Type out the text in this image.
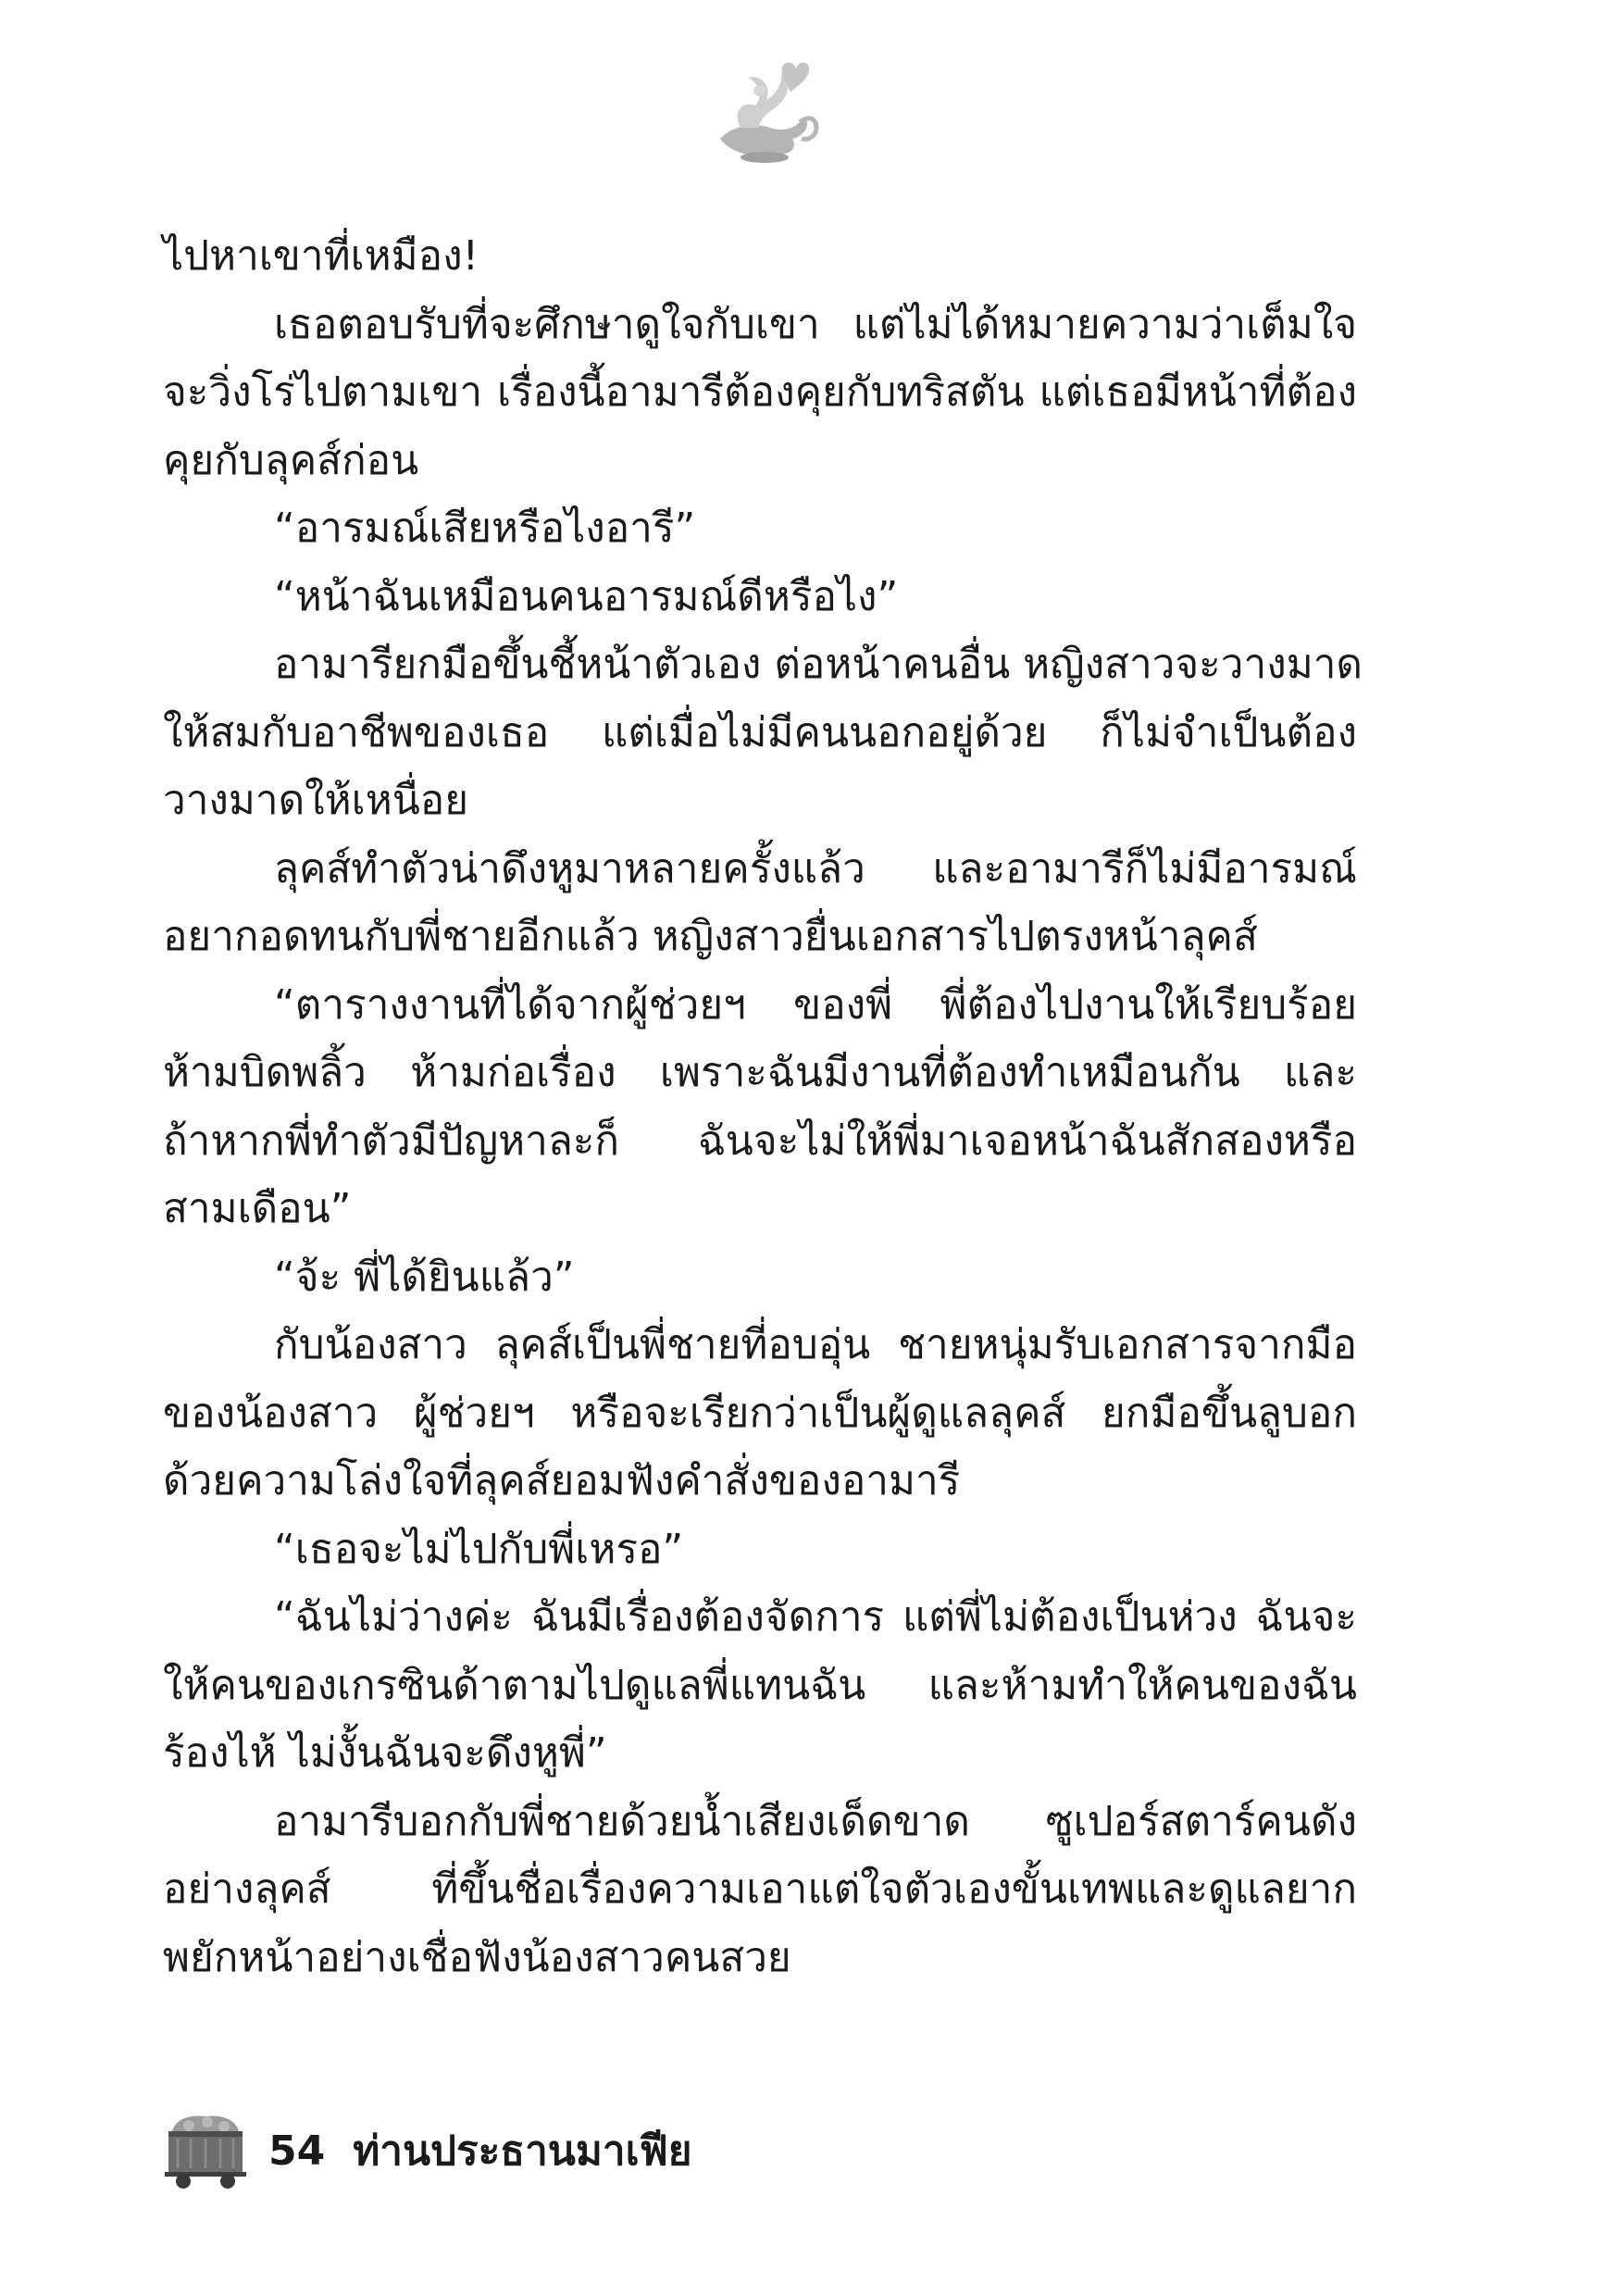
ไปหาเขาที่เหมือง!
เธอตอบรับที่จะศึกษาดูใจกับเขา แต่ไม่ได้หมายความว่าเต็มใจ
จะวิ่งโร่ไปตามเขา เรื่องนี้อามารีต้องคุยกับทริสตัน แต่เธอมีหน้าที่ต้อง
คุยกับลุคส์ก่อน
“อารมณ์เสียหรือไงอารี”
“หน้าฉันเหมือนคนอารมณ์ดีหรือไง”
อามารียกมือขึ้นชี้หน้าตัวเอง ต่อหน้าคนอื่น หญิงสาวจะวางมาด
ให้สมกับอาชีพของเธอ แต่เมื่อไม่มีคนนอกอยู่ด้วย ก็ไม่จำเป็นต้อง
วางมาดให้เหนื่อย
ลุคส์ทำตัวน่าดึงหูมาหลายครั้งแล้ว และอามารีก็ไม่มีอารมณ์
อยากอดทนกับพี่ชายอีกแล้ว หญิงสาวยื่นเอกสารไปตรงหน้าลุคส์
“ตารางงานที่ได้จากผู้ช่วยฯ ของพี่ พี่ต้องไปงานให้เรียบร้อย
ห้ามบิดพลิ้ว ห้ามก่อเรื่อง เพราะฉันมีงานที่ต้องทำเหมือนกัน และ
ถ้าหากพี่ทำตัวมีปัญหาละก็ ฉันจะไม่ให้พี่มาเจอหน้าฉันสักสองหรือ
สามเดือน”
“จ้ะ พี่ได้ยินแล้ว”
กับน้องสาว ลุคส์เป็นพี่ชายที่อบอุ่น ชายหนุ่มรับเอกสารจากมือ
ของน้องสาว ผู้ช่วยฯ หรือจะเรียกว่าเป็นผู้ดูแลลุคส์ ยกมือขึ้นลูบอก
ด้วยความโล่งใจที่ลุคส์ยอมฟังคำสั่งของอามารี
“เธอจะไม่ไปกับพี่เหรอ”
“ฉันไม่ว่างค่ะ ฉันมีเรื่องต้องจัดการ แต่พี่ไม่ต้องเป็นห่วง ฉันจะ
ให้คนของเกรซินด้าตามไปดูแลพี่แทนฉัน และห้ามทำให้คนของฉัน
ร้องไห้ ไม่งั้นฉันจะดึงหูพี่”
อามารีบอกกับพี่ชายด้วยน้ำเสียงเด็ดขาด ซูเปอร์สตาร์คนดัง
อย่างลุคส์ ที่ขึ้นชื่อเรื่องความเอาแต่ใจตัวเองขั้นเทพและดูแลยาก
พยักหน้าอย่างเชื่อฟังน้องสาวคนสวย
54 ท่านประธานมาเฟีย
